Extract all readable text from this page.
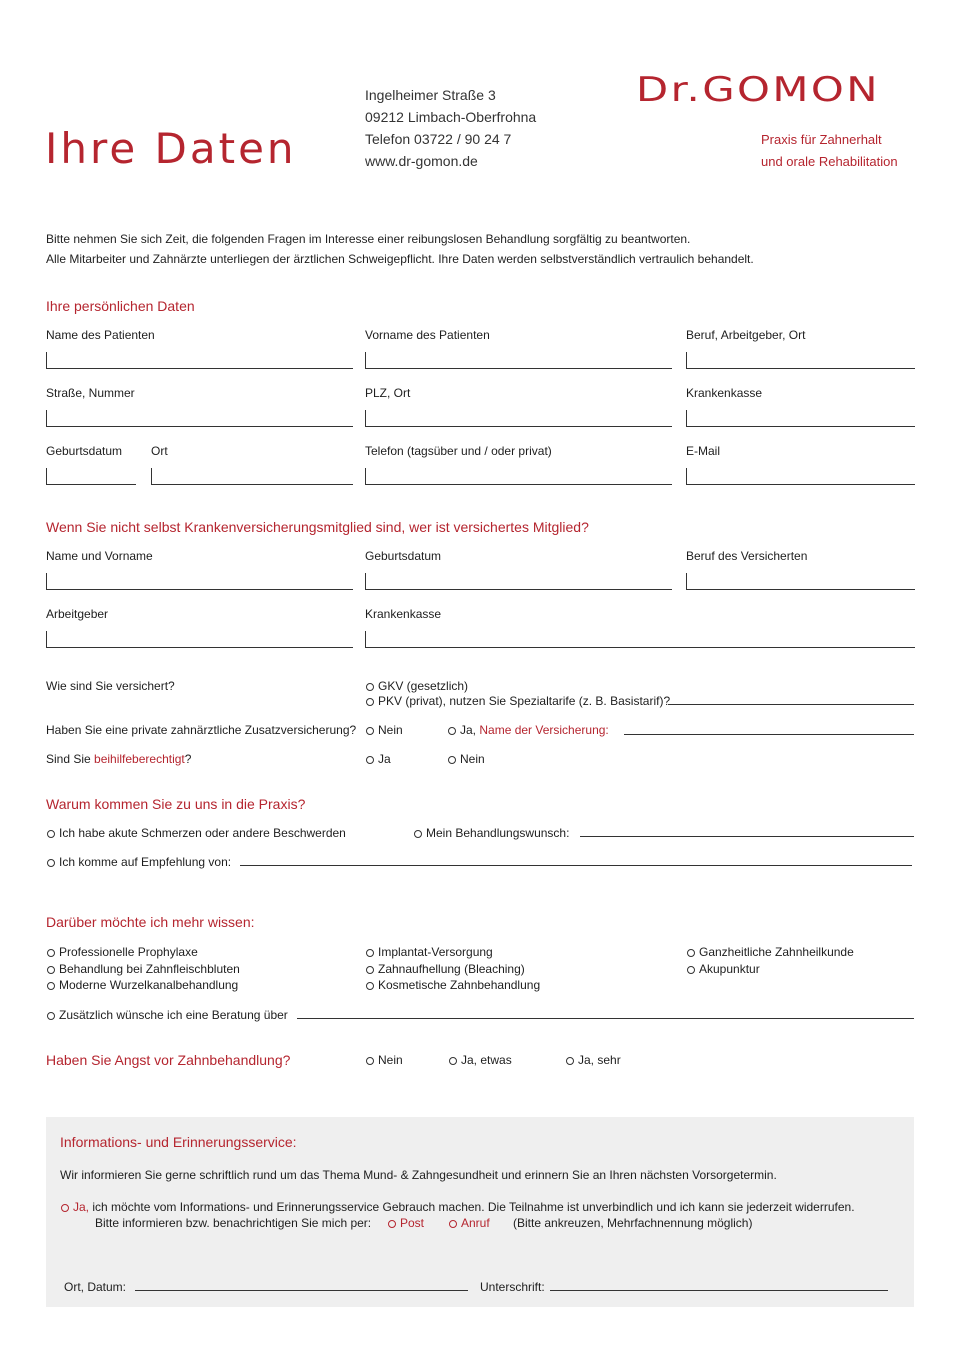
Ihre Daten
Ingelheimer Straße 3
09212 Limbach-Oberfrohna
Telefon 03722 / 90 24 7
www.dr-gomon.de
Dr.GOMON
Praxis für Zahnerhalt
und orale Rehabilitation
Bitte nehmen Sie sich Zeit, die folgenden Fragen im Interesse einer reibungslosen Behandlung sorgfältig zu beantworten.
Alle Mitarbeiter und Zahnärzte unterliegen der ärztlichen Schweigepflicht. Ihre Daten werden selbstverständlich vertraulich behandelt.
Ihre persönlichen Daten
Name des Patienten	Vorname des Patienten	Beruf, Arbeitgeber, Ort
Straße, Nummer	PLZ, Ort	Krankenkasse
Geburtsdatum Ort	Telefon (tagsüber und / oder privat)	E-Mail
Wenn Sie nicht selbst Krankenversicherungsmitglied sind, wer ist versichertes Mitglied?
Name und Vorname	Geburtsdatum	Beruf des Versicherten
Arbeitgeber	Krankenkasse
Wie sind Sie versichert?	GKV (gesetzlich)
PKV (privat), nutzen Sie Spezialtarife (z. B. Basistarif)?
Haben Sie eine private zahnärztliche Zusatzversicherung?	Nein	Ja, Name der Versicherung:
Sind Sie beihilfeberechtigt?	Ja	Nein
Warum kommen Sie zu uns in die Praxis?
Ich habe akute Schmerzen oder andere Beschwerden	Mein Behandlungswunsch:
Ich komme auf Empfehlung von:
Darüber möchte ich mehr wissen:
Professionelle Prophylaxe
Behandlung bei Zahnfleischbluten
Moderne Wurzelkanalbehandlung
Implantat-Versorgung
Zahnaufhellung (Bleaching)
Kosmetische Zahnbehandlung
Ganzheitliche Zahnheilkunde
Akupunktur
Zusätzlich wünsche ich eine Beratung über
Haben Sie Angst vor Zahnbehandlung?	Nein	Ja, etwas	Ja, sehr
Informations- und Erinnerungsservice:
Wir informieren Sie gerne schriftlich rund um das Thema Mund- & Zahngesundheit und erinnern Sie an Ihren nächsten Vorsorgetermin.
Ja, ich möchte vom Informations- und Erinnerungsservice Gebrauch machen. Die Teilnahme ist unverbindlich und ich kann sie jederzeit widerrufen.
Bitte informieren bzw. benachrichtigen Sie mich per:	Post	Anruf (Bitte ankreuzen, Mehrfachnennung möglich)
Ort, Datum:	Unterschrift:
